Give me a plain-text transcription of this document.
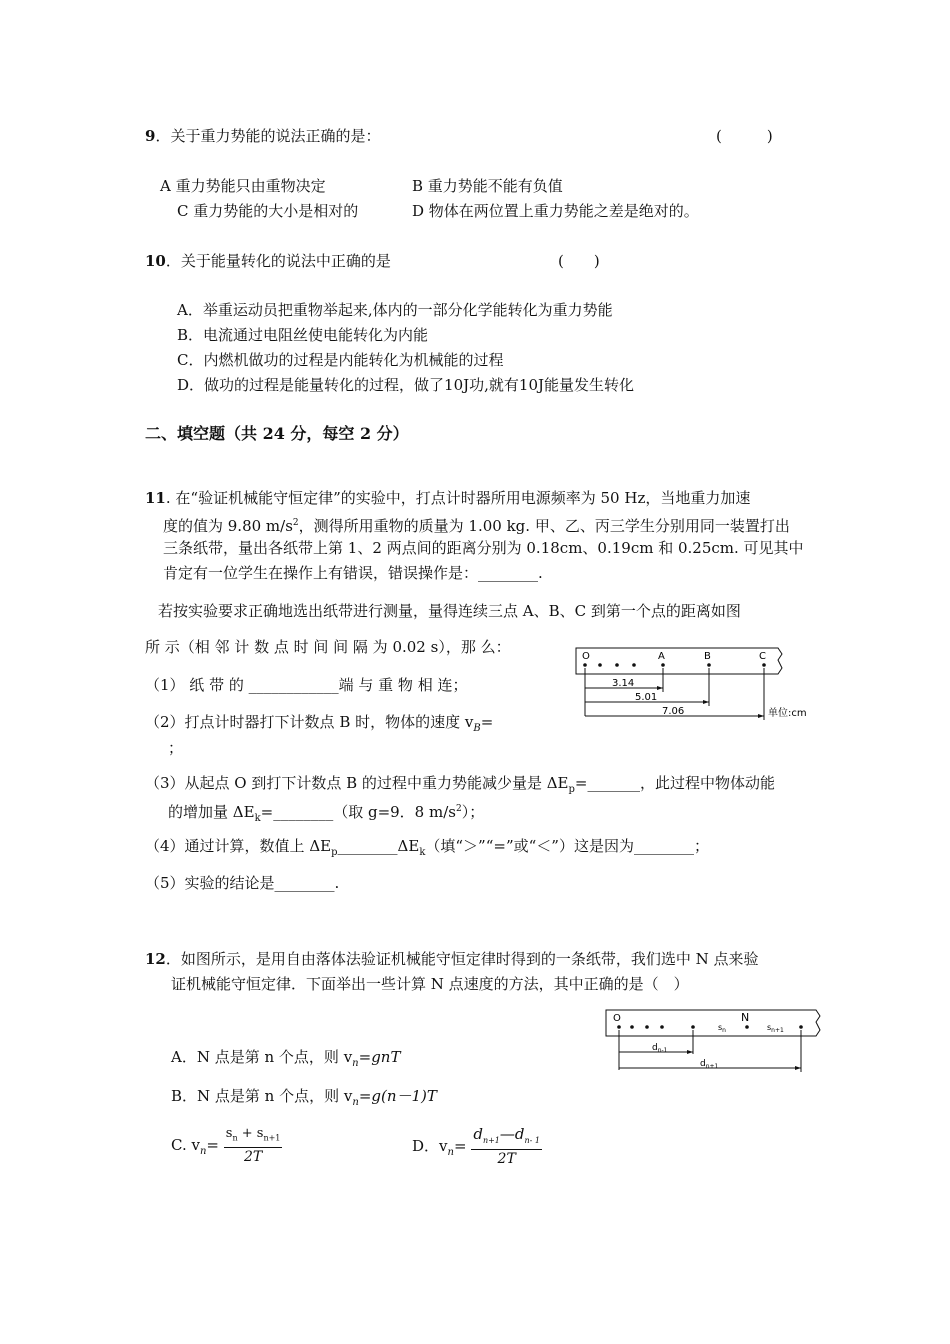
9．关于重力势能的说法正确的是：	(　　　)
A 重力势能只由重物决定	B 重力势能不能有负值
C 重力势能的大小是相对的	D 物体在两位置上重力势能之差是绝对的。
10．关于能量转化的说法中正确的是	(　　)
A．举重运动员把重物举起来,体内的一部分化学能转化为重力势能
B．电流通过电阻丝使电能转化为内能
C．内燃机做功的过程是内能转化为机械能的过程
D．做功的过程是能量转化的过程，做了10J功,就有10J能量发生转化
二、填空题（共 24 分，每空 2 分）
11. 在“验证机械能守恒定律”的实验中，打点计时器所用电源频率为 50 Hz，当地重力加速
度的值为 9.80 $m/s^2$，测得所用重物的质量为 1.00 kg. 甲、乙、丙三学生分别用同一装置打出
三条纸带，量出各纸带上第 1、2 两点间的距离分别为 0.18cm、0.19cm 和 0.25cm. 可见其中
肯定有一位学生在操作上有错误，错误操作是：________.
若按实验要求正确地选出纸带进行测量，量得连续三点 A、B、C 到第一个点的距离如图
所 示（相 邻 计 数 点 时 间 间 隔 为 0.02 s），那 么：
（1） 纸 带 的 ____________端 与 重 物 相 连；
（2）打点计时器打下计数点 B 时，物体的速度 $v_B=$
；
（3）从起点 O 到打下计数点 B 的过程中重力势能减少量是 $\Delta E_p=\_\_\_\_\_\_\_$，此过程中物体动能
的增加量 $\Delta E_k=\_\_\_\_\_\_\_\_$（取 g=9．8 $m/s^2$）；
（4）通过计算，数值上 $\Delta E_p\_\_\_\_\_\_\_\_\Delta E_k$（填“＞”“=”或“＜”）这是因为________；
（5）实验的结论是________.
O	A	B	C
3.14
5.01
7.06	单位:cm
12．如图所示，是用自由落体法验证机械能守恒定律时得到的一条纸带，我们选中 N 点来验
证机械能守恒定律．下面举出一些计算 N 点速度的方法，其中正确的是（　）
A．N 点是第 n 个点，则 $v_n=gnT$
B．N 点是第 n 个点，则 $v_n=g(n-1)T$
C. $v_n= \frac{s_n + s_{n+1}}{2T}$	D．$v_n= \frac{d_{n+1}—d_{n- 1}}{2T}$
O
$s_n$
N
$s_{n+1}$
$d_{n-1}$
$d_{n+1}$
